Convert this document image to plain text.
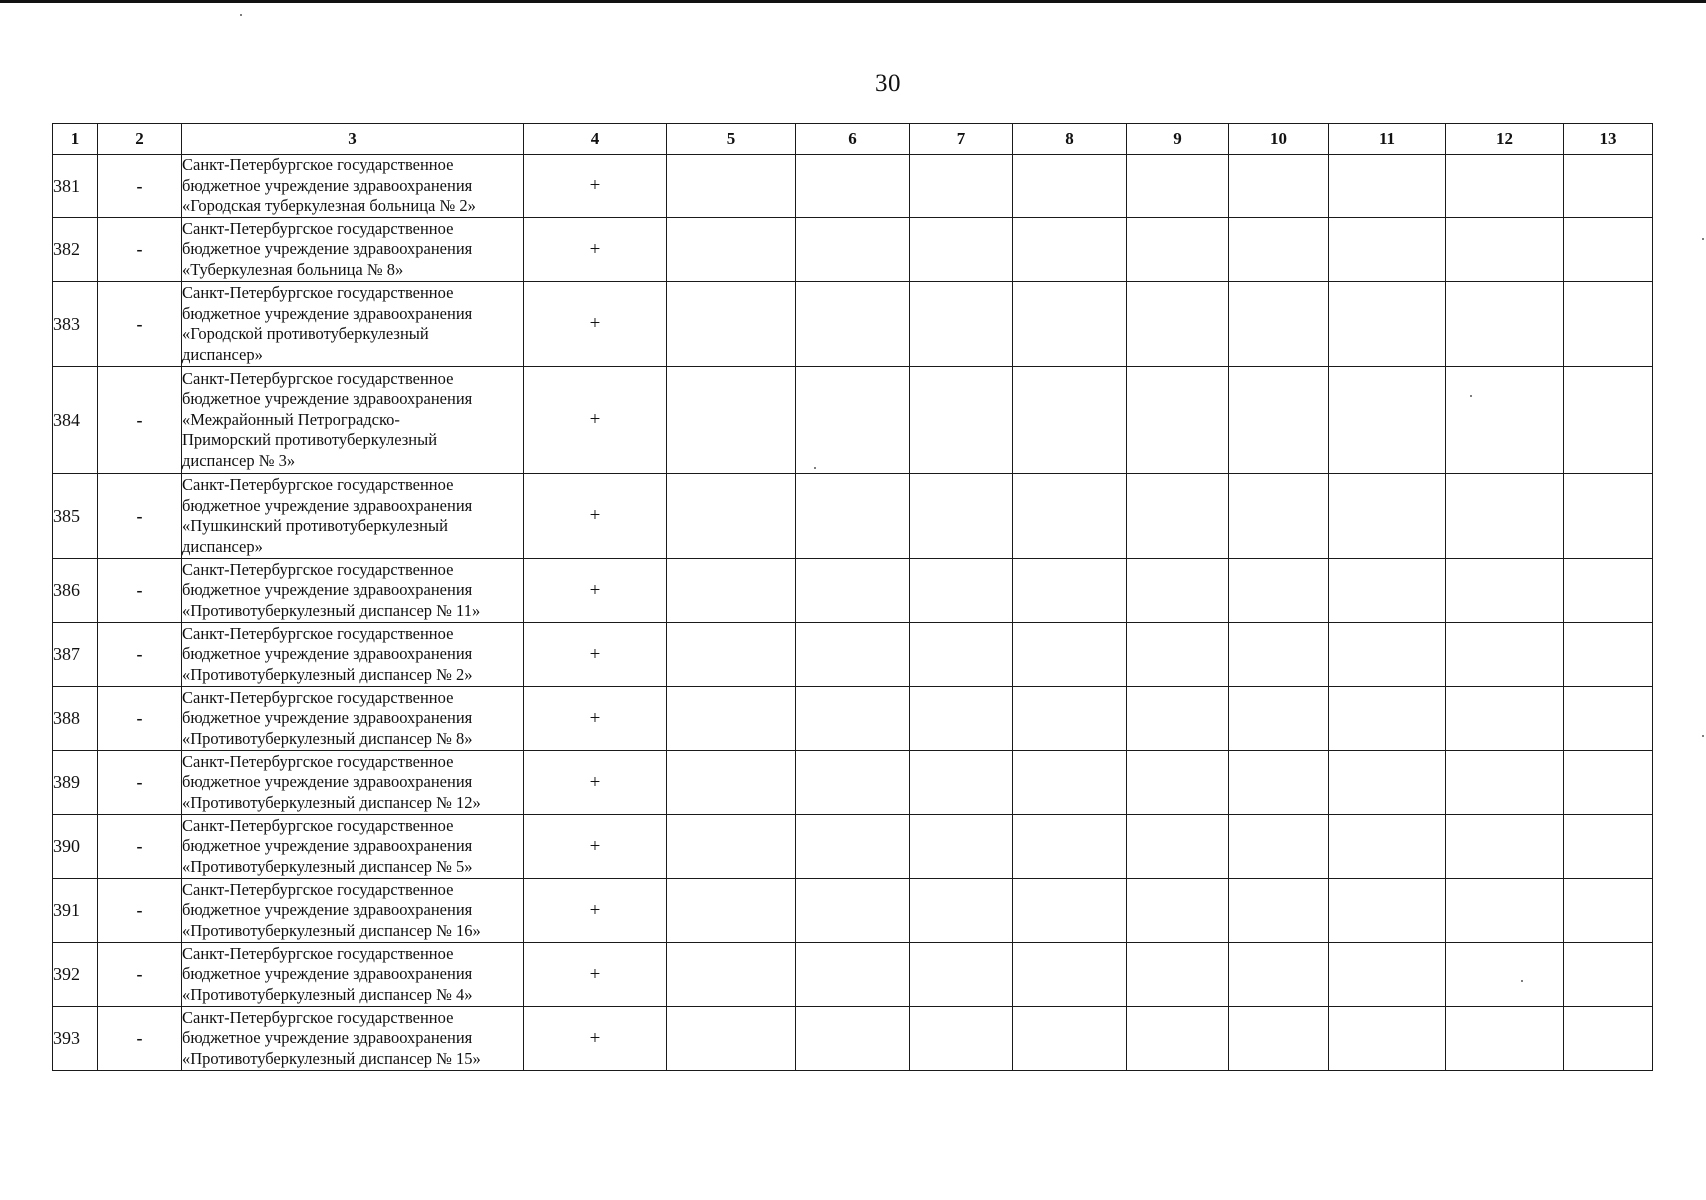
30
1	2	3	4	5	6	7	8	9	10	11	12	13
381	-	Санкт-Петербургское государственное
бюджетное учреждение здравоохранения
«Городская туберкулезная больница № 2»	+									
382	-	Санкт-Петербургское государственное
бюджетное учреждение здравоохранения
«Туберкулезная больница № 8»	+									
383	-	Санкт-Петербургское государственное
бюджетное учреждение здравоохранения
«Городской противотуберкулезный
диспансер»	+									
384	-	Санкт-Петербургское государственное
бюджетное учреждение здравоохранения
«Межрайонный Петроградско-
Приморский противотуберкулезный
диспансер № 3»	+									
385	-	Санкт-Петербургское государственное
бюджетное учреждение здравоохранения
«Пушкинский противотуберкулезный
диспансер»	+									
386	-	Санкт-Петербургское государственное
бюджетное учреждение здравоохранения
«Противотуберкулезный диспансер № 11»	+									
387	-	Санкт-Петербургское государственное
бюджетное учреждение здравоохранения
«Противотуберкулезный диспансер № 2»	+									
388	-	Санкт-Петербургское государственное
бюджетное учреждение здравоохранения
«Противотуберкулезный диспансер № 8»	+									
389	-	Санкт-Петербургское государственное
бюджетное учреждение здравоохранения
«Противотуберкулезный диспансер № 12»	+									
390	-	Санкт-Петербургское государственное
бюджетное учреждение здравоохранения
«Противотуберкулезный диспансер № 5»	+									
391	-	Санкт-Петербургское государственное
бюджетное учреждение здравоохранения
«Противотуберкулезный диспансер № 16»	+									
392	-	Санкт-Петербургское государственное
бюджетное учреждение здравоохранения
«Противотуберкулезный диспансер № 4»	+									
393	-	Санкт-Петербургское государственное
бюджетное учреждение здравоохранения
«Противотуберкулезный диспансер № 15»	+									
